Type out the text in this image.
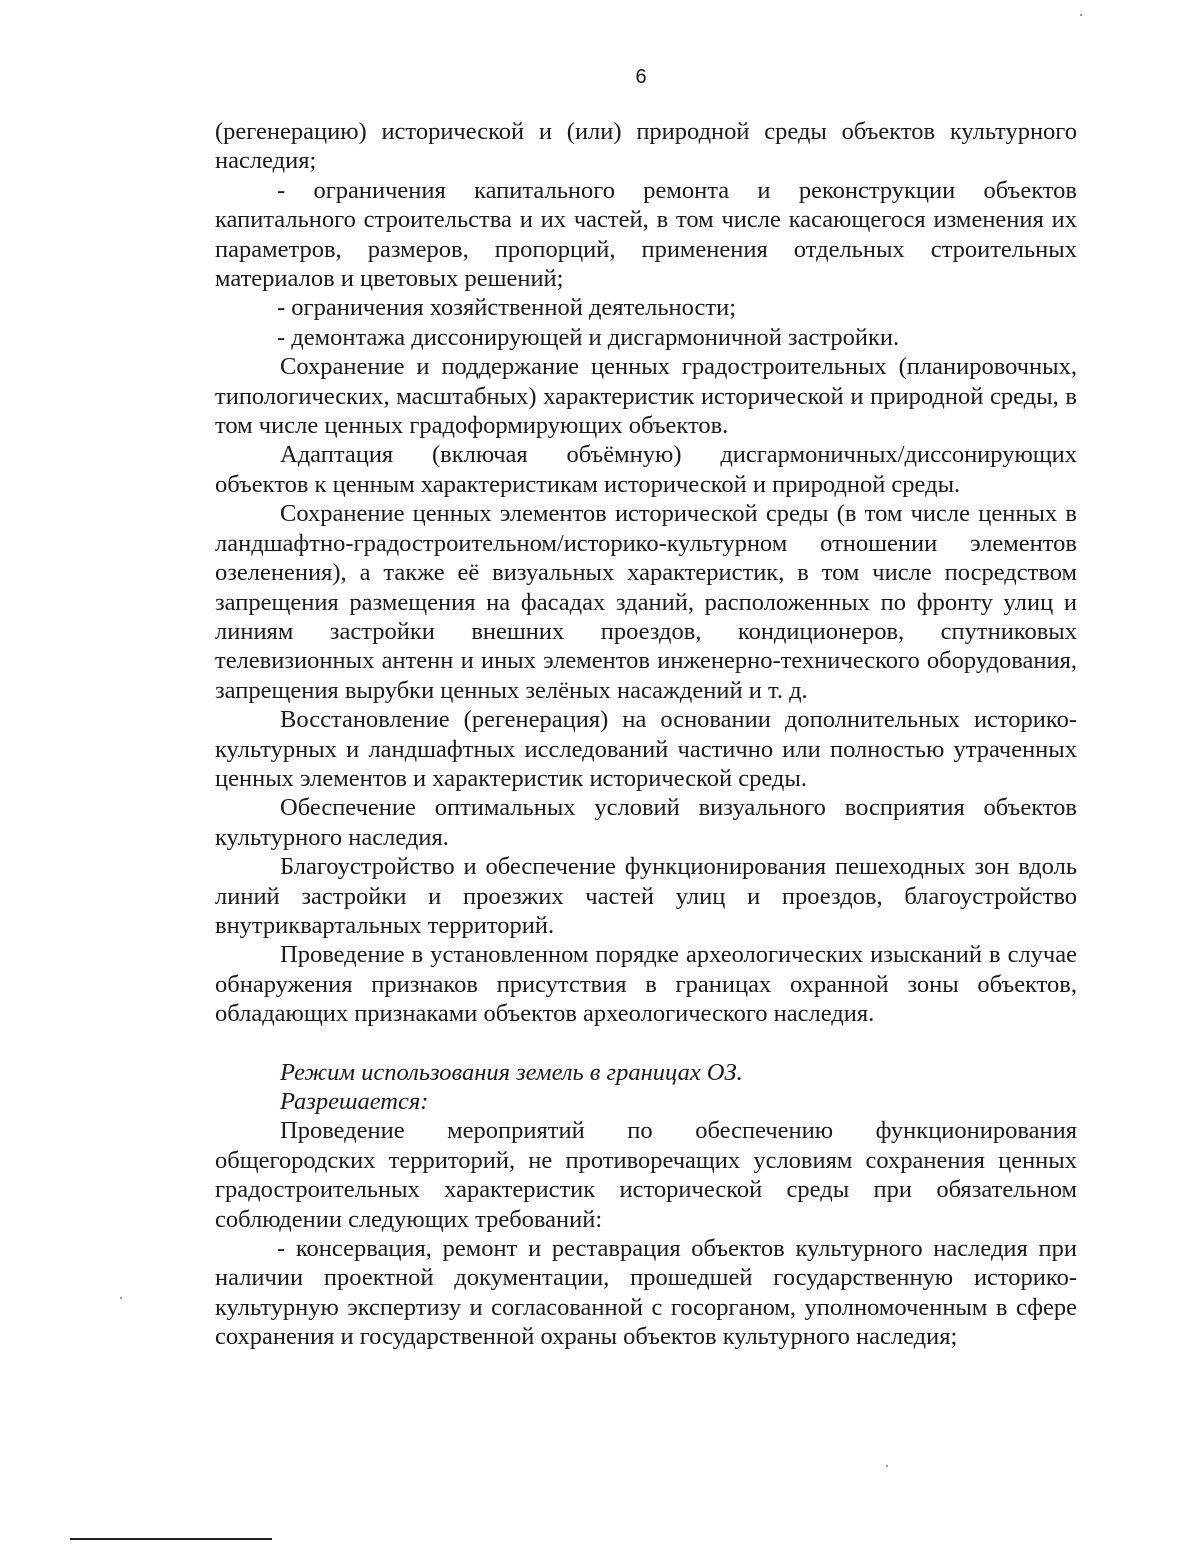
6

(регенерацию) исторической и (или) природной среды объектов культурного наследия;

- ограничения капитального ремонта и реконструкции объектов капитального строительства и их частей, в том числе касающегося изменения их параметров, размеров, пропорций, применения отдельных строительных материалов и цветовых решений;

- ограничения хозяйственной деятельности;

- демонтажа диссонирующей и дисгармоничной застройки.

Сохранение и поддержание ценных градостроительных (планировочных, типологических, масштабных) характеристик исторической и природной среды, в том числе ценных градоформирующих объектов.

Адаптация (включая объёмную) дисгармоничных/диссонирующих объектов к ценным характеристикам исторической и природной среды.

Сохранение ценных элементов исторической среды (в том числе ценных в ландшафтно-градостроительном/историко-культурном отношении элементов озеленения), а также её визуальных характеристик, в том числе посредством запрещения размещения на фасадах зданий, расположенных по фронту улиц и линиям застройки внешних проездов, кондиционеров, спутниковых телевизионных антенн и иных элементов инженерно-технического оборудования, запрещения вырубки ценных зелёных насаждений и т. д.

Восстановление (регенерация) на основании дополнительных историко-культурных и ландшафтных исследований частично или полностью утраченных ценных элементов и характеристик исторической среды.

Обеспечение оптимальных условий визуального восприятия объектов культурного наследия.

Благоустройство и обеспечение функционирования пешеходных зон вдоль линий застройки и проезжих частей улиц и проездов, благоустройство внутриквартальных территорий.

Проведение в установленном порядке археологических изысканий в случае обнаружения признаков присутствия в границах охранной зоны объектов, обладающих признаками объектов археологического наследия.

Режим использования земель в границах ОЗ.

Разрешается:

Проведение мероприятий по обеспечению функционирования общегородских территорий, не противоречащих условиям сохранения ценных градостроительных характеристик исторической среды при обязательном соблюдении следующих требований:

- консервация, ремонт и реставрация объектов культурного наследия при наличии проектной документации, прошедшей государственную историко-культурную экспертизу и согласованной с госорганом, уполномоченным в сфере сохранения и государственной охраны объектов культурного наследия;
